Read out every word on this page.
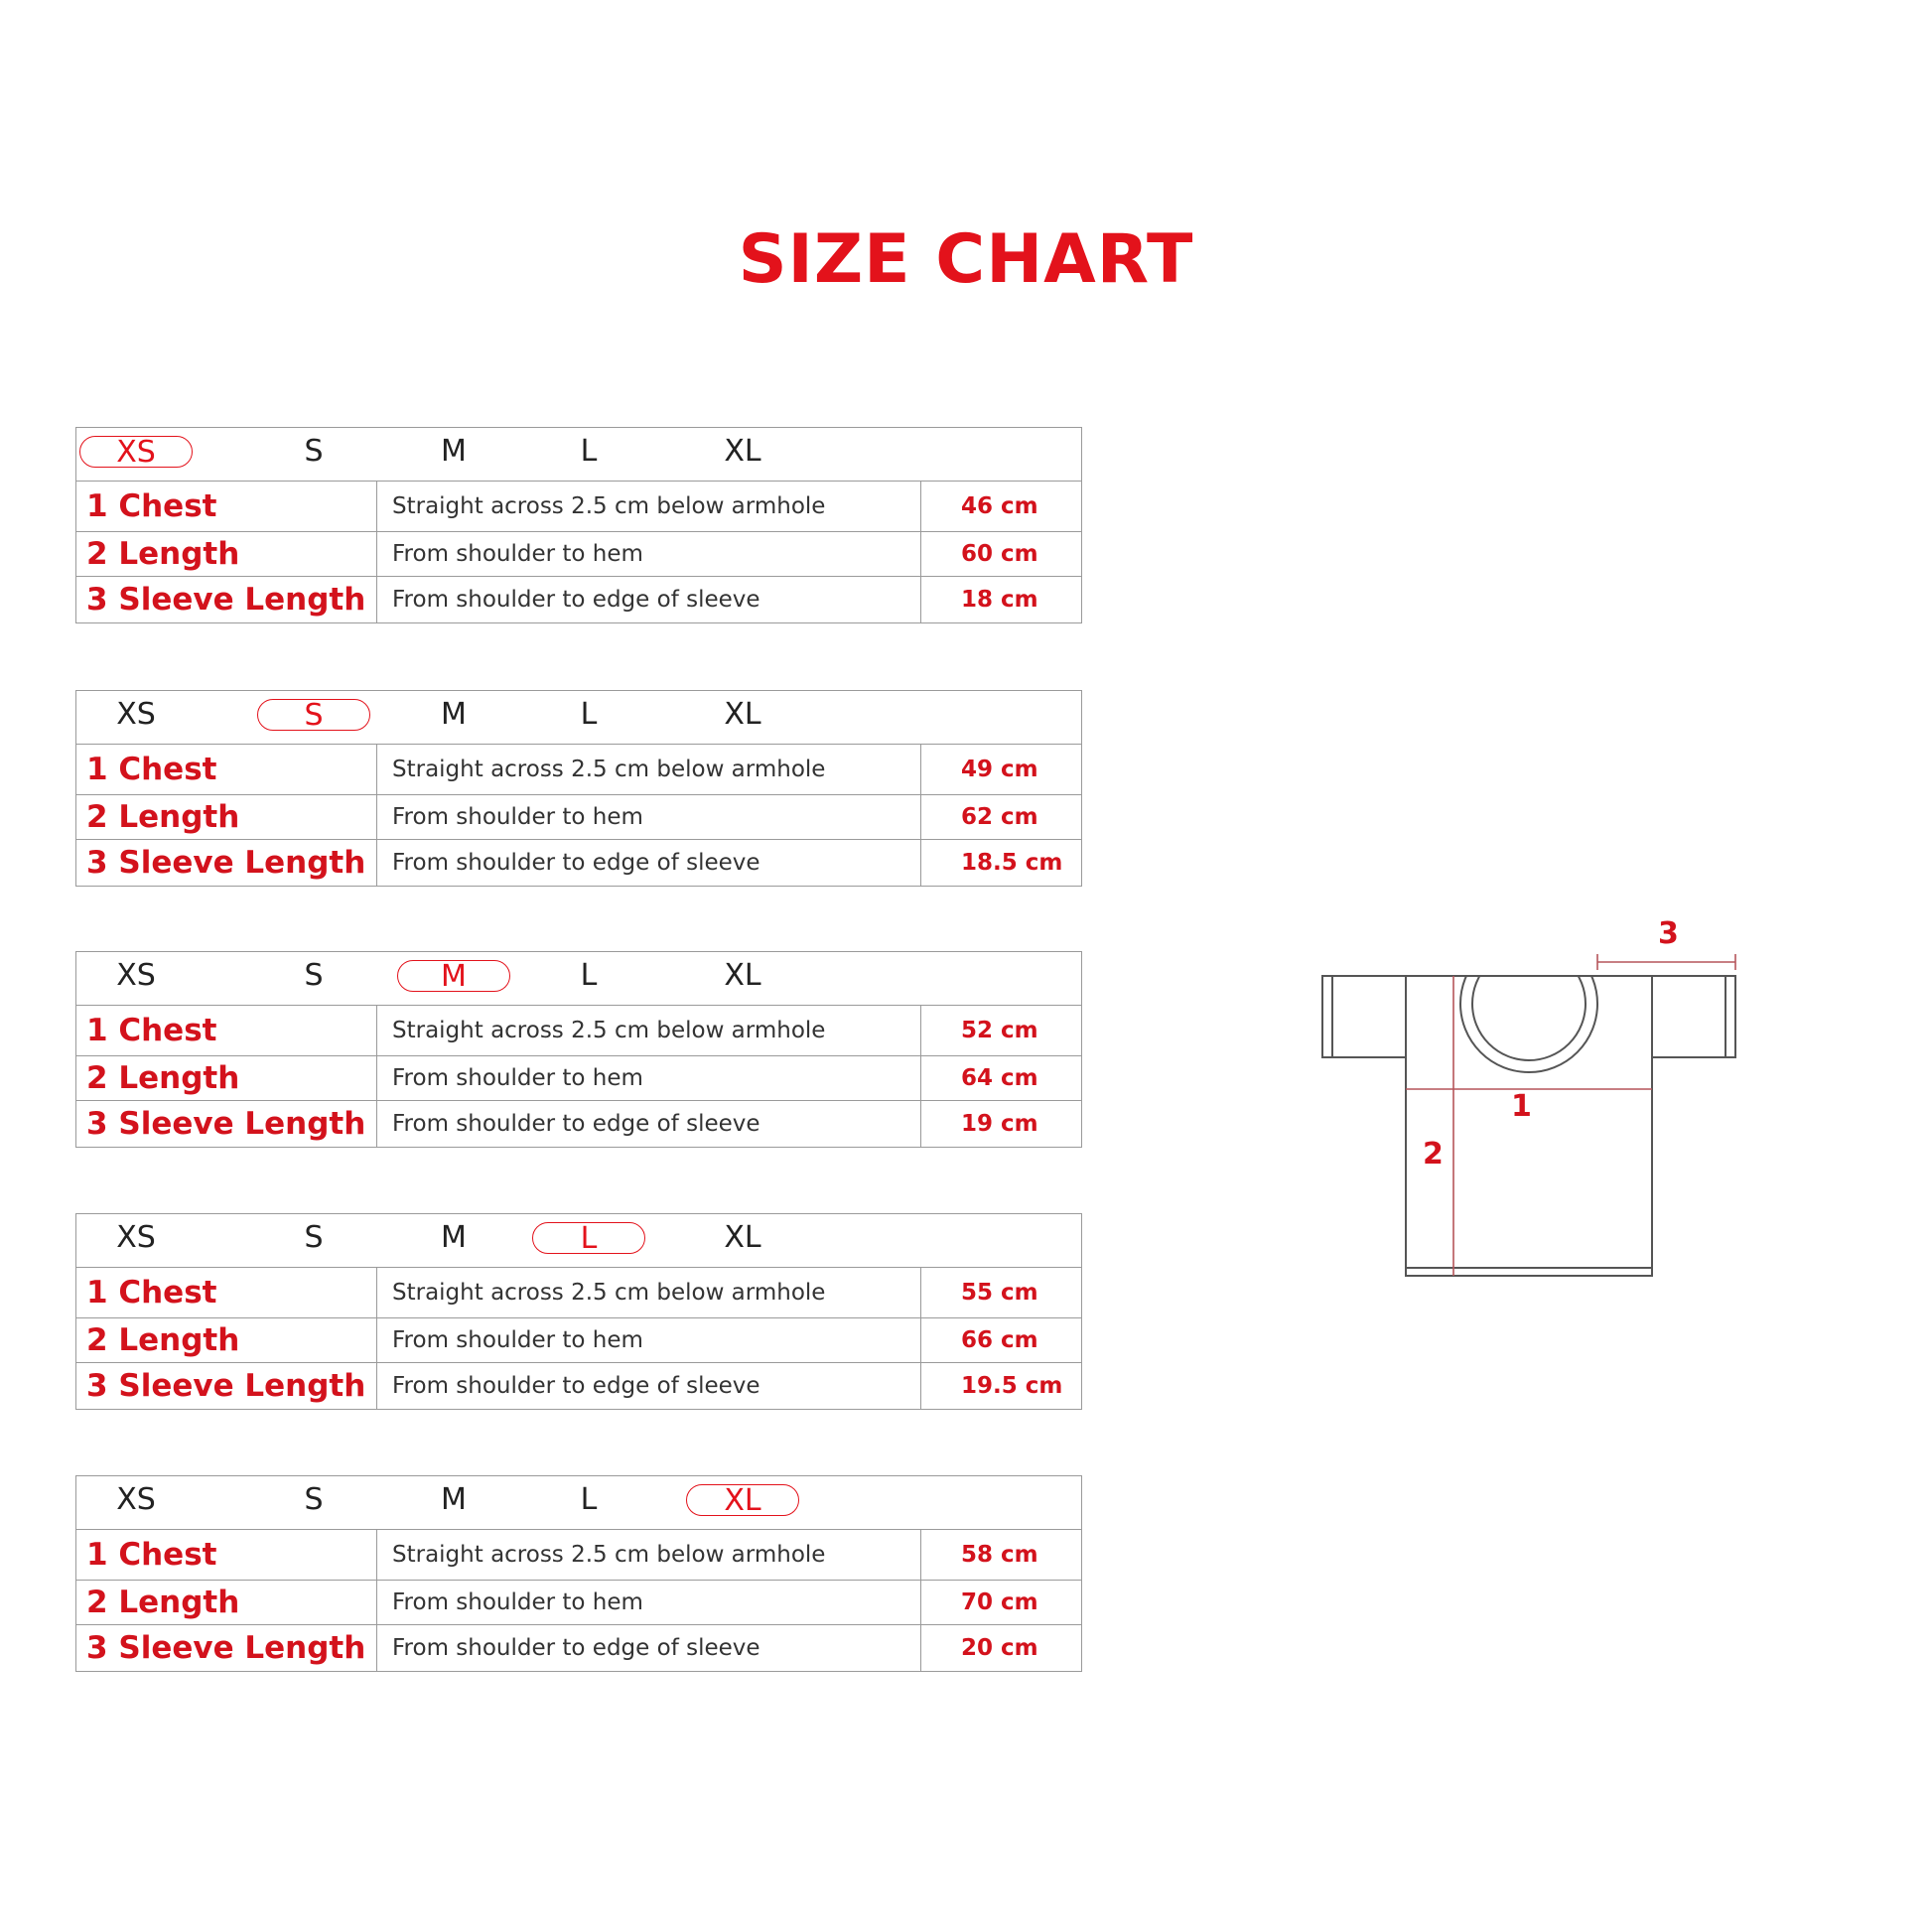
SIZE CHART
XS	S	M	L	XL
1 Chest	Straight across 2.5 cm below armhole	46 cm
2 Length	From shoulder to hem	60 cm
3 Sleeve Length	From shoulder to edge of sleeve	18 cm
XS	S	M	L	XL
1 Chest	Straight across 2.5 cm below armhole	49 cm
2 Length	From shoulder to hem	62 cm
3 Sleeve Length	From shoulder to edge of sleeve	18.5 cm
XS	S	M	L	XL
1 Chest	Straight across 2.5 cm below armhole	52 cm
2 Length	From shoulder to hem	64 cm
3 Sleeve Length	From shoulder to edge of sleeve	19 cm
XS	S	M	L	XL
1 Chest	Straight across 2.5 cm below armhole	55 cm
2 Length	From shoulder to hem	66 cm
3 Sleeve Length	From shoulder to edge of sleeve	19.5 cm
XS	S	M	L	XL
1 Chest	Straight across 2.5 cm below armhole	58 cm
2 Length	From shoulder to hem	70 cm
3 Sleeve Length	From shoulder to edge of sleeve	20 cm
1
2
3
